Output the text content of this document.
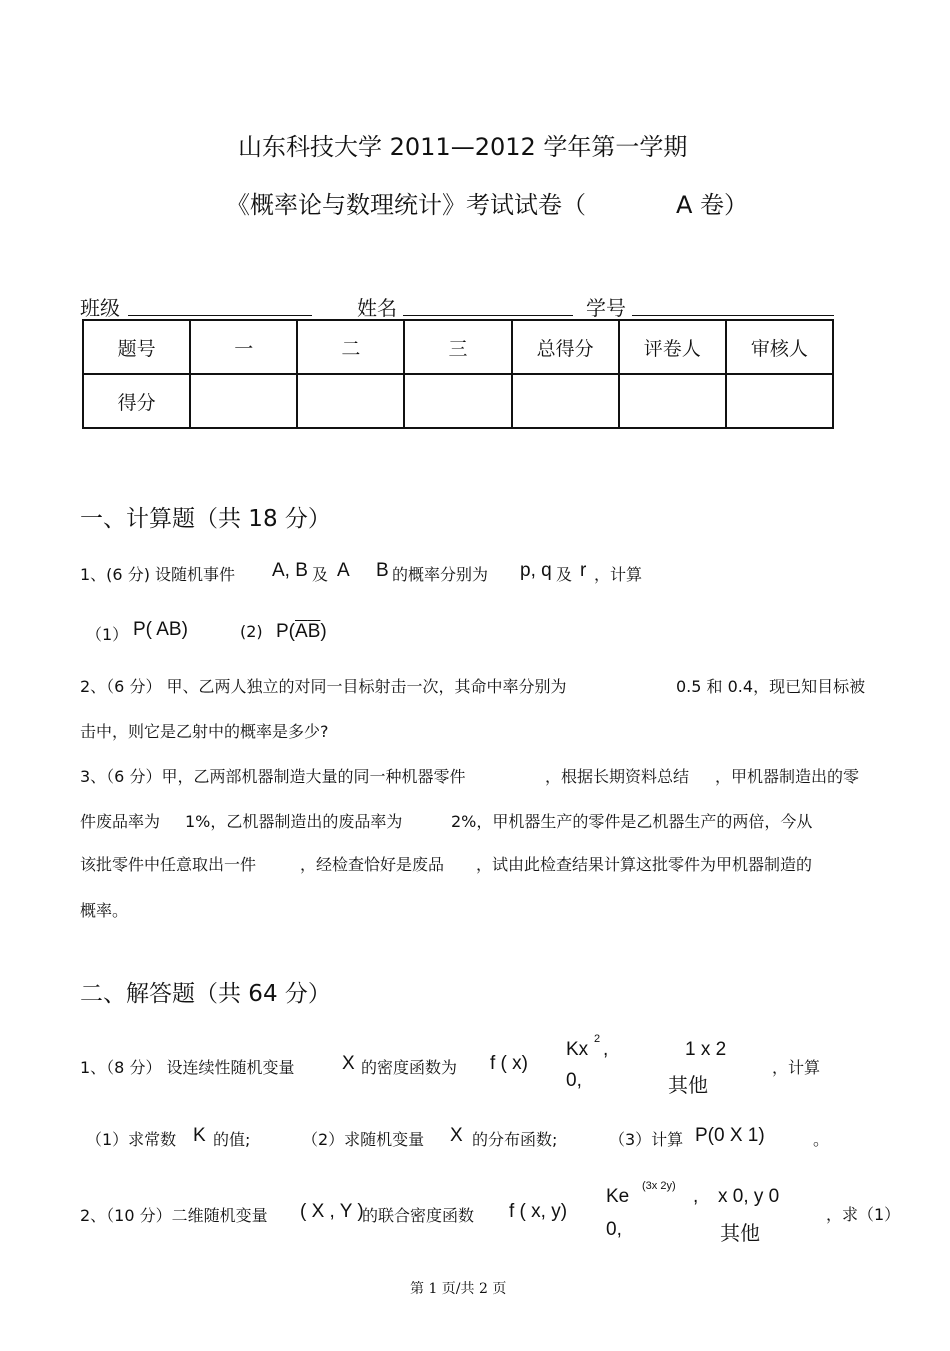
山东科技大学 2011—2012 学年第一学期
《概率论与数理统计》考试试卷（	A 卷）
班级	姓名	学号
题号	一	二	三	总得分	评卷人	审核人
得分						
一、计算题（共 18 分）
1、(6 分) 设随机事件 A, B 及 A B 的概率分别为 p, q 及 r ，计算
（1） P( AB)	(2) $P(\overline{A}\overline{B})$
2、（6 分） 甲、乙两人独立的对同一目标射击一次，其命中率分别为	0.5 和 0.4，现已知目标被
击中，则它是乙射中的概率是多少?
3、（6 分）甲，乙两部机器制造大量的同一种机器零件	，根据长期资料总结 ，甲机器制造出的零
件废品率为 1%，乙机器制造出的废品率为	2%，甲机器生产的零件是乙机器生产的两倍，今从
该批零件中任意取出一件	，经检查恰好是废品 ，试由此检查结果计算这批零件为甲机器制造的
概率。
二、解答题（共 64 分）
1、（8 分） 设连续性随机变量 X 的密度函数为 f ( x)
Kx 2 ,	1 x 2
0,	其他
，计算
（1）求常数 K 的值;	（2）求随机变量 X 的分布函数;	（3）计算 P(0 X 1)	。
2、（10 分）二维随机变量 ( X , Y )
的联合密度函数 f ( x, y)
Ke (3x 2y) , x 0, y 0
0,	其他
，求（1）
第 1 页/共 2 页
